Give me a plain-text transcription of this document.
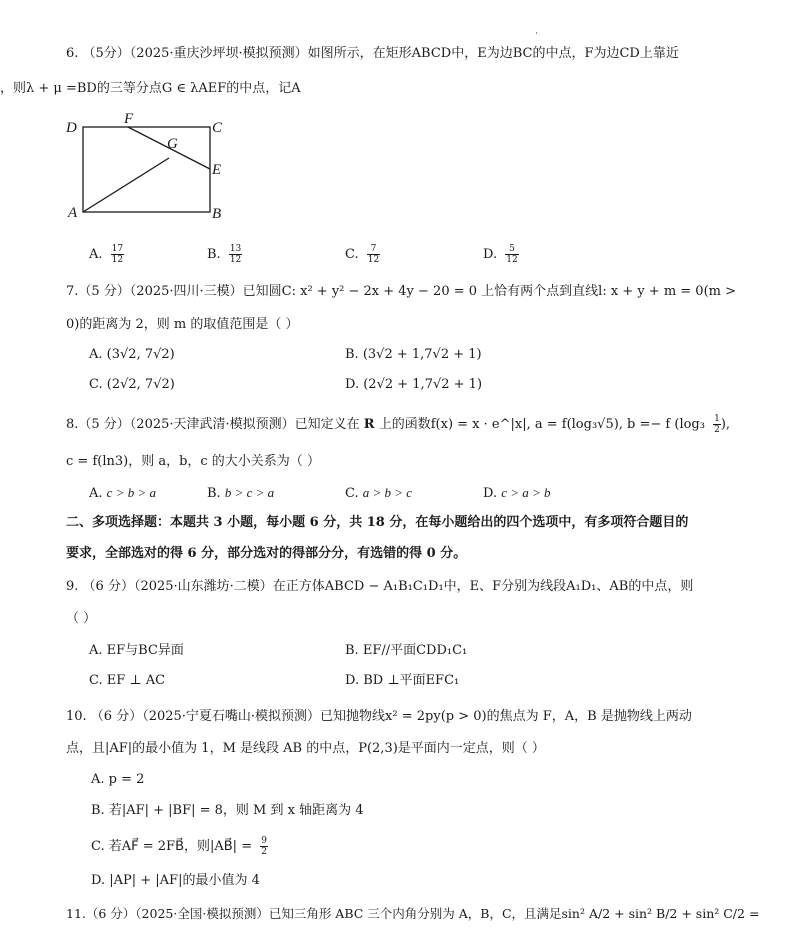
6. （5分）（2025·重庆沙坪坝·模拟预测）如图所示，在矩形ABCD中，E为边BC的中点，F为边CD上靠近
，则λ + μ =BD的三等分点G ∈ λAEF的中点，记A
D
F
C
G
E
A	B
A. $\frac{17}{12}$	B. $\frac{13}{12}$	C. $\frac{7}{12}$	D. $\frac{5}{12}$
7.（5 分）（2025·四川·三模）已知圆C: x² + y² − 2x + 4y − 20 = 0 上恰有两个点到直线l: x + y + m = 0(m >
0)的距离为 2，则 m 的取值范围是（ ）
A. (3√2, 7√2)	B. (3√2 + 1,7√2 + 1)
C. (2√2, 7√2)	D. (2√2 + 1,7√2 + 1)
8.（5 分）（2025·天津武清·模拟预测）已知定义在 R 上的函数f(x) = x · e^|x|, a = f(log₃√5), b =− f ($\log_3 \frac{1}{2}$ ),
c = f(ln3)，则 a，b，c 的大小关系为（ ）
A. c > b > a	B. b > c > a	C. a > b > c	D. c > a > b
二、多项选择题：本题共 3 小题，每小题 6 分，共 18 分，在每小题给出的四个选项中，有多项符合题目的
要求，全部选对的得 6 分，部分选对的得部分分，有选错的得 0 分。
9. （6 分）（2025·山东潍坊·二模）在正方体ABCD − A₁B₁C₁D₁中，E、F分别为线段A₁D₁、AB的中点，则
（ ）
A. EF与BC异面	B. EF//平面CDD₁C₁
C. EF ⊥ AC	D. BD ⊥平面EFC₁
10. （6 分）（2025·宁夏石嘴山·模拟预测）已知抛物线x² = 2py(p > 0)的焦点为 F，A，B 是抛物线上两动
点，且|AF|的最小值为 1，M 是线段 AB 的中点，P(2,3)是平面内一定点，则（ ）
A. p = 2
B. 若|AF| + |BF| = 8，则 M 到 x 轴距离为 4
C. 若AF⃗ = 2FB⃗，则|AB⃗| = $\frac{9}{2}$
D. |AP| + |AF|的最小值为 4
11.（6 分）（2025·全国·模拟预测）已知三角形 ABC 三个内角分别为 A，B，C，且满足sin² A/2 + sin² B/2 + sin² C/2 =
